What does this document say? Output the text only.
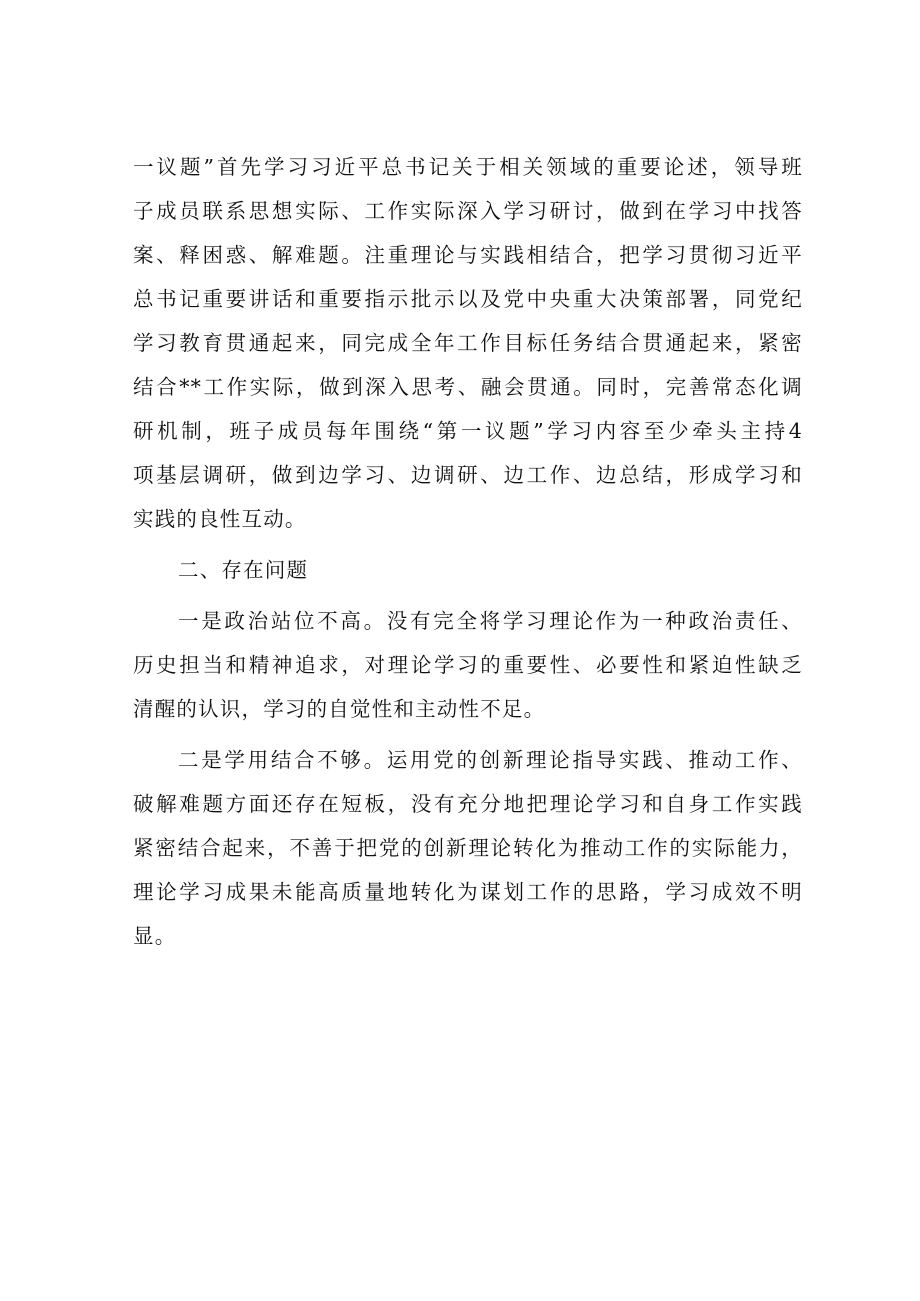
一议题”首先学习习近平总书记关于相关领域的重要论述，领导班
子成员联系思想实际、工作实际深入学习研讨，做到在学习中找答
案、释困惑、解难题。注重理论与实践相结合，把学习贯彻习近平
总书记重要讲话和重要指示批示以及党中央重大决策部署，同党纪
学习教育贯通起来，同完成全年工作目标任务结合贯通起来，紧密
结合**工作实际，做到深入思考、融会贯通。同时，完善常态化调
研机制，班子成员每年围绕“第一议题”学习内容至少牵头主持4
项基层调研，做到边学习、边调研、边工作、边总结，形成学习和
实践的良性互动。
二、存在问题
一是政治站位不高。没有完全将学习理论作为一种政治责任、
历史担当和精神追求，对理论学习的重要性、必要性和紧迫性缺乏
清醒的认识，学习的自觉性和主动性不足。
二是学用结合不够。运用党的创新理论指导实践、推动工作、
破解难题方面还存在短板，没有充分地把理论学习和自身工作实践
紧密结合起来，不善于把党的创新理论转化为推动工作的实际能力，
理论学习成果未能高质量地转化为谋划工作的思路，学习成效不明
显。
